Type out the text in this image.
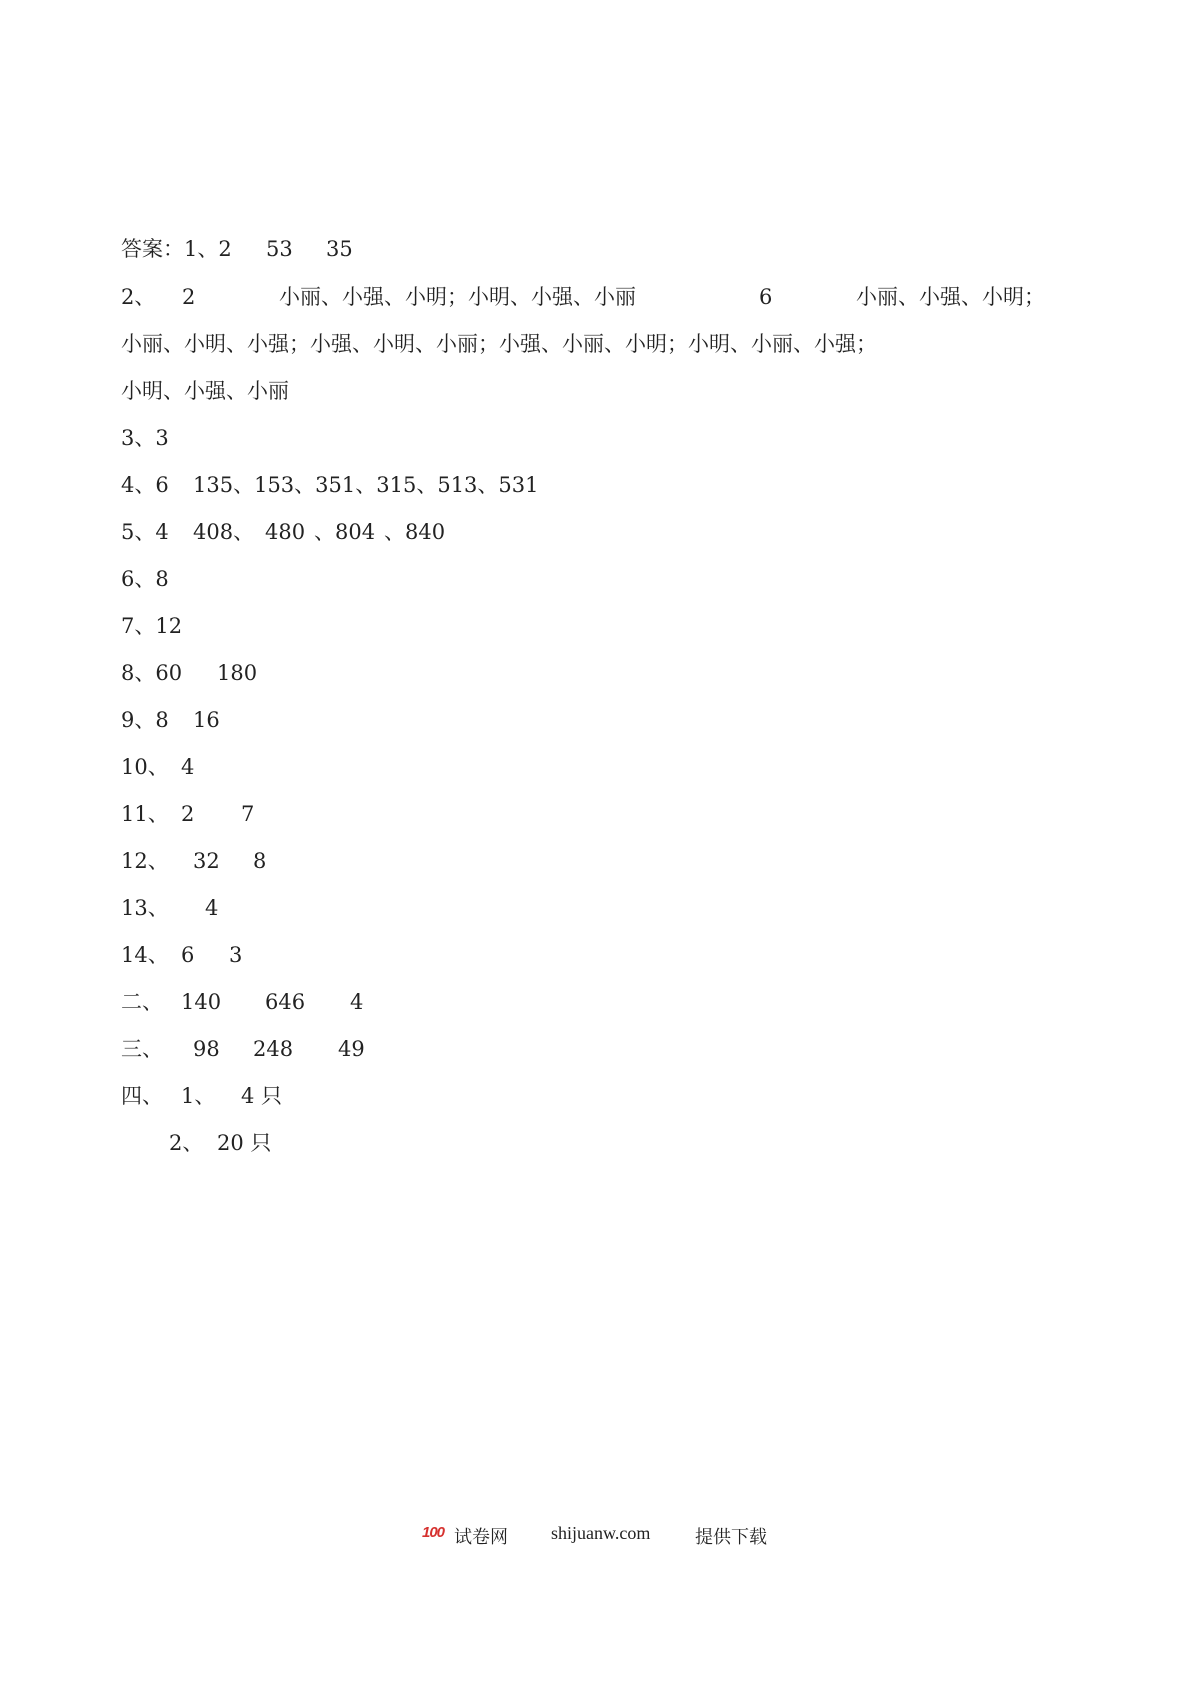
答案：1、2 53 35
2、 2	小丽、小强、小明；小明、小强、小丽	6	小丽、小强、小明；
小丽、小明、小强；小强、小明、小丽；小强、小丽、小明；小明、小丽、小强；
小明、小强、小丽
3、3
4、6 135、153、351、315、513、531
5、4 408、 480 、804 、840
6、8
7、12
8、60 180
9、8 16
10、 4
11、 2 7
12、 32 8
13、 4
14、 6 3
二、 140 646 4
三、 98 248 49
四、 1、 4 只
2、 20 只
100 试卷网 shijuanw.com 提供下载
